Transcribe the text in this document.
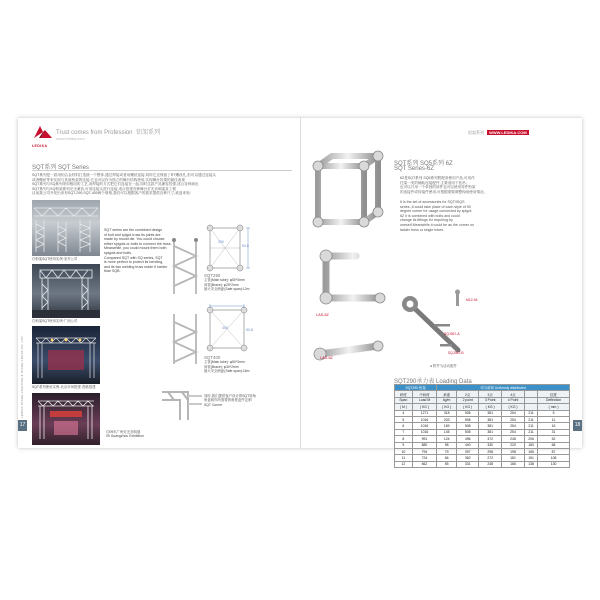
17
LEDIKA STAGE LIGHTING & STAGE TRUSS CO.,LTD
LEDIKA
Trust comes from Profession 铝架系列
www.ledika.com
SQT系列 SQT Series
SQT系列是一款用铝合金材料打造统一个整体,通过焊接或者用螺丝连接,同时它还保留了RT螺丝孔,但可以通过连接头
或者螺丝等来实现与其他桁架的连接,它也可以作为独立的舞台结构使用,实现舞台效果的最佳表现
SQT系列与SQ系列采用相同的工艺,用焊接的方式把它们连接在一起,同时这款产品兼容性强,适合各种演出
SQT系列与SQ桁架系列完全兼容,可用连接头进行连接,适合搭建各种舞台灯光音响架及工程
目前我公司开发出来有SQT-290,SQT-400两个规格,我们可以根据客户的需求提供各种尺寸,欢迎来电!
◎桁架SQT使用实例·室外公司
◎桁架SQT使用实例·广西公司
SQT系列使用实例-北京市场搭建·香港搭建
◎09年广州灯光音响展
09 Guangzhou Exhibition
SQT series are the combined design
of bolt and spigot truss.Its joints are
made by mould die. You could choose
either spigots or bolts to connect the truss.
Meanwhile, you could mount them both
spigots and bolts.
Compared SQT with SQ series, SQT
is more perfect to protect its bending,
and its two welding truss made it harder
than SQB.
290
50.8
SQT290
主管(Main tube): φ50*3mm
斜管(Brace): φ25*2mm
最大安全跨距(Safe span):12m
400	50.8
SQT400
主管(Main tube): φ50*3mm
斜管(Brace): φ30*2mm
最大安全跨距(Safe span):16m
同时,我们提供客户设计的SQT转角
角盒和你所需要的角度盒件定制
SQT Corner
铝架系列 WWW.LEDIKA.COM
18
SQT系列 SQ5系列 6Z
SQT Series-6Z
6Z是SQT系列 SQ5系列附配套使用产品,可用作
托架一类的辅助连接配件,主要适用于挂吊,
也可以只用一个单独的部件也可以使用零件桁架
的连接件或转接件使用,可根据需要调整现场使用情况。
It is the set of accessories for SQT/ISQS
series.,It could take place of each style of 90
degree corner for usage connected by spigot.
6Z it is combined with bolts and could
change its fittings for requiring by
oneself.Meanwhile,it could be as the corner on
ladder truss or single tubes.
LAS-6Z
LAS-6Z
M12-94
SQJ367-A
SQJ367-B
● 附件为活动配件
SQT290承力表 Loading Data
SQT290 桁架		均匀载荷 Uniformly distributed					
跨度	中间荷	承重	2点	3点	4点		挠度
Span	Load M	kg/m	2 point	3 Point	4 Point		Deflection
( M )	( KG )	( KG )	( KG )	( KG )	( KG )		( mm )
4	1271	318	508	381	254	211	5
5	1016	203	508	381	254	211	11
6	1016	169	508	381	254	211	16
7	1016	145	508	381	254	211	31
8	991	124	496	372	248	206	52
9	880	98	440	330	220	183	68
10	794	79	397	298	198	165	87
11	724	66	362	272	181	151	108
12	662	55	331	248	166	138	130
